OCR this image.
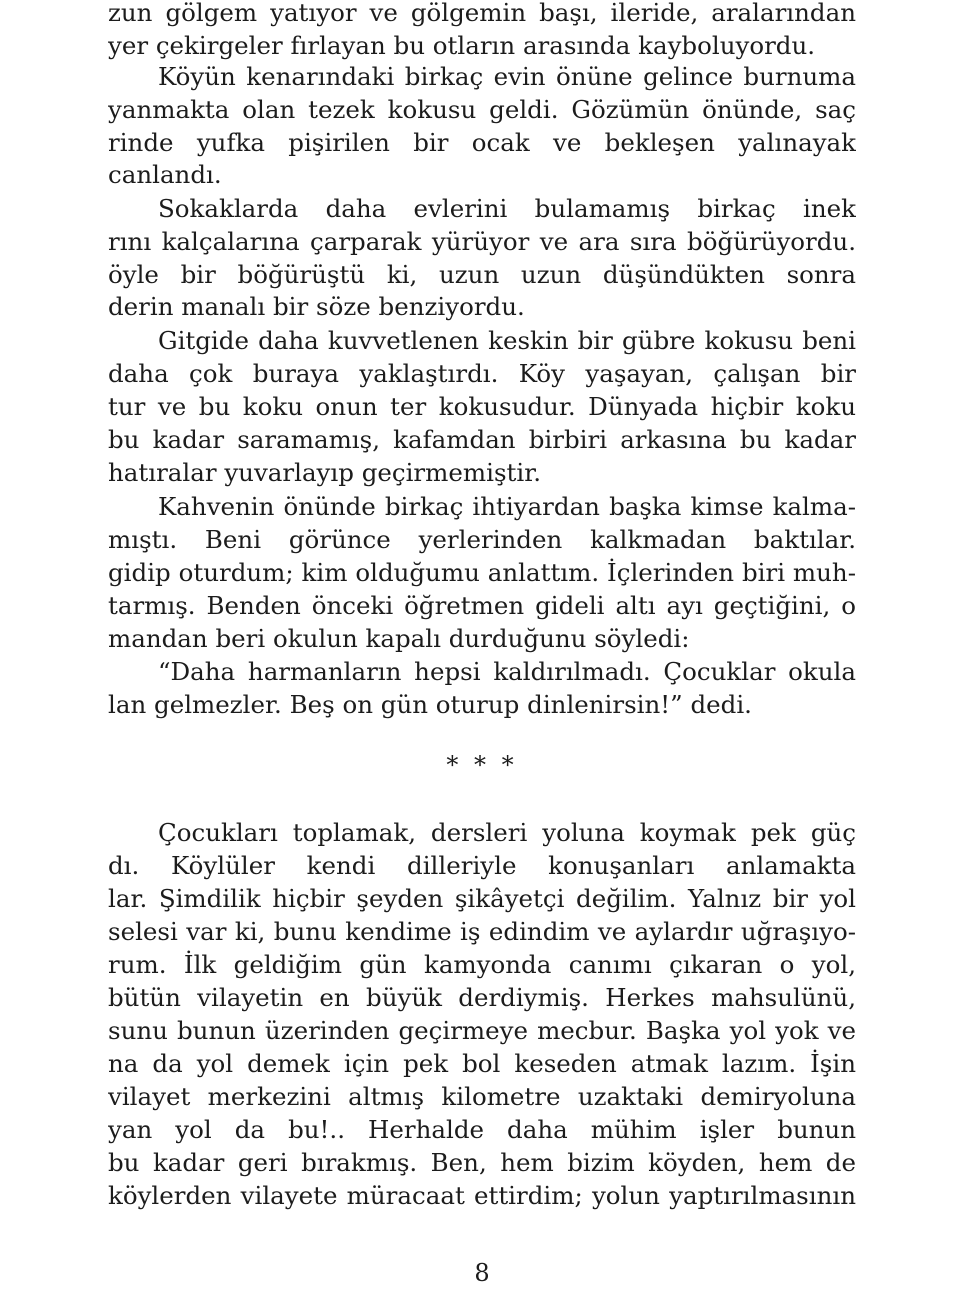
zun gölgem yatıyor ve gölgemin başı, ileride, aralarından
yer çekirgeler fırlayan bu otların arasında kayboluyordu.
Köyün kenarındaki birkaç evin önüne gelince burnuma
yanmakta olan tezek kokusu geldi. Gözümün önünde, saç
rinde yufka pişirilen bir ocak ve bekleşen yalınayak
canlandı.
Sokaklarda daha evlerini bulamamış birkaç inek
rını kalçalarına çarparak yürüyor ve ara sıra böğürüyordu.
öyle bir böğürüştü ki, uzun uzun düşündükten sonra
derin manalı bir söze benziyordu.
Gitgide daha kuvvetlenen keskin bir gübre kokusu beni
daha çok buraya yaklaştırdı. Köy yaşayan, çalışan bir
tur ve bu koku onun ter kokusudur. Dünyada hiçbir koku
bu kadar saramamış, kafamdan birbiri arkasına bu kadar
hatıralar yuvarlayıp geçirmemiştir.
Kahvenin önünde birkaç ihtiyardan başka kimse kalma-
mıştı. Beni görünce yerlerinden kalkmadan baktılar.
gidip oturdum; kim olduğumu anlattım. İçlerinden biri muh-
tarmış. Benden önceki öğretmen gideli altı ayı geçtiğini, o
mandan beri okulun kapalı durduğunu söyledi:
“Daha harmanların hepsi kaldırılmadı. Çocuklar okula
lan gelmezler. Beş on gün oturup dinlenirsin!” dedi.
Çocukları toplamak, dersleri yoluna koymak pek güç
dı. Köylüler kendi dilleriyle konuşanları anlamakta
lar. Şimdilik hiçbir şeyden şikâyetçi değilim. Yalnız bir yol
selesi var ki, bunu kendime iş edindim ve aylardır uğraşıyo-
rum. İlk geldiğim gün kamyonda canımı çıkaran o yol,
bütün vilayetin en büyük derdiymiş. Herkes mahsulünü,
sunu bunun üzerinden geçirmeye mecbur. Başka yol yok ve
na da yol demek için pek bol keseden atmak lazım. İşin
vilayet merkezini altmış kilometre uzaktaki demiryoluna
yan yol da bu!.. Herhalde daha mühim işler bunun
bu kadar geri bırakmış. Ben, hem bizim köyden, hem de
köylerden vilayete müracaat ettirdim; yolun yaptırılmasının
* * *
8
